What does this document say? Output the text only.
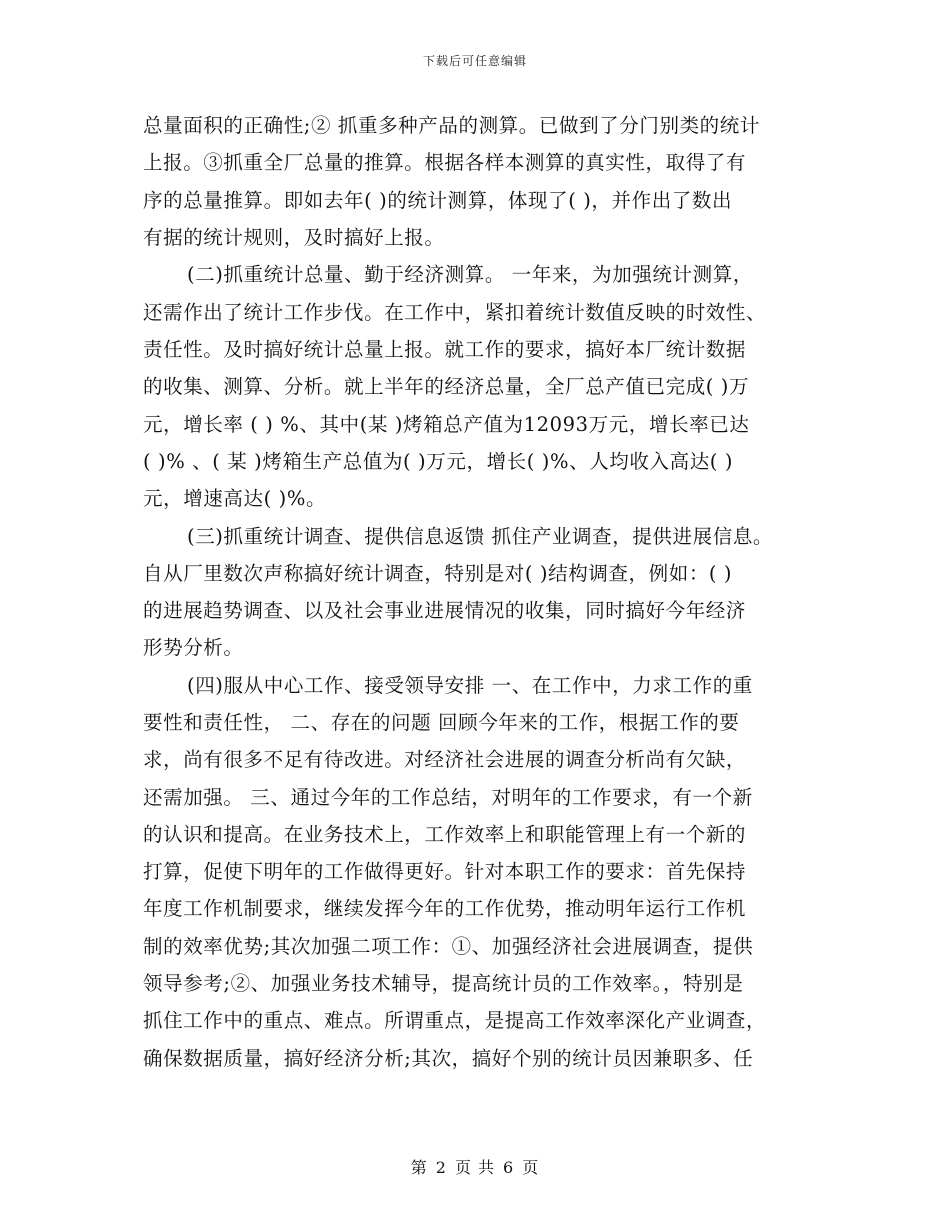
下载后可任意编辑
总量面积的正确性;② 抓重多种产品的测算。已做到了分门别类的统计
上报。③抓重全厂总量的推算。根据各样本测算的真实性，取得了有
序的总量推算。即如去年( )的统计测算，体现了( )，并作出了数出
有据的统计规则，及时搞好上报。
(二)抓重统计总量、勤于经济测算。 一年来，为加强统计测算，
还需作出了统计工作步伐。在工作中，紧扣着统计数值反映的时效性、
责任性。及时搞好统计总量上报。就工作的要求，搞好本厂统计数据
的收集、测算、分析。就上半年的经济总量，全厂总产值已完成( )万
元，增长率 ( ) %、其中(某 )烤箱总产值为12093万元，增长率已达
( )% 、( 某 )烤箱生产总值为( )万元，增长( )%、人均收入高达( )
元，增速高达( )%。
(三)抓重统计调查、提供信息返馈 抓住产业调查，提供进展信息。
自从厂里数次声称搞好统计调查，特别是对( )结构调查，例如：( )
的进展趋势调查、以及社会事业进展情况的收集，同时搞好今年经济
形势分析。
(四)服从中心工作、接受领导安排 一、在工作中，力求工作的重
要性和责任性， 二、存在的问题 回顾今年来的工作，根据工作的要
求，尚有很多不足有待改进。对经济社会进展的调查分析尚有欠缺，
还需加强。 三、通过今年的工作总结，对明年的工作要求，有一个新
的认识和提高。在业务技术上，工作效率上和职能管理上有一个新的
打算，促使下明年的工作做得更好。针对本职工作的要求：首先保持
年度工作机制要求，继续发挥今年的工作优势，推动明年运行工作机
制的效率优势;其次加强二项工作：①、加强经济社会进展调查，提供
领导参考;②、加强业务技术辅导，提高统计员的工作效率。，特别是
抓住工作中的重点、难点。所谓重点，是提高工作效率深化产业调查，
确保数据质量，搞好经济分析;其次，搞好个别的统计员因兼职多、任
第 2 页 共 6 页
